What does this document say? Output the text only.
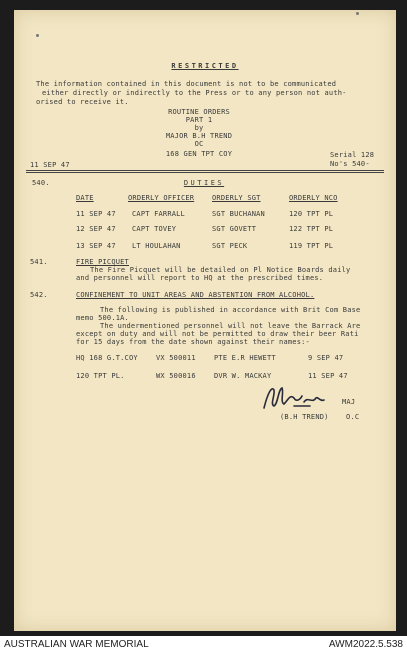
RESTRICTED
The information contained in this document is not to be communicated
either directly or indirectly to the Press or to any person not auth-
orised to receive it.
ROUTINE ORDERS
PART 1
by
MAJOR B.H TREND
OC
168 GEN TPT COY
11 SEP 47
Serial 128
No's 540-
540.	DUTIES
DATE	ORDERLY OFFICER	ORDERLY SGT	ORDERLY NCO
11 SEP 47 CAPT FARRALL	SGT BUCHANAN	120 TPT PL
12 SEP 47 CAPT TOVEY	SGT GOVETT	122 TPT PL
13 SEP 47 LT HOULAHAN	SGT PECK	119 TPT PL
541.	FIRE PICQUET
The Fire Picquet will be detailed on Pl Notice Boards daily
and personnel will report to HQ at the prescribed times.
542.	CONFINEMENT TO UNIT AREAS AND ABSTENTION FROM ALCOHOL.
The following is published in accordance with Brit Com Base
memo 500.1A.
The undermentioned personnel will not leave the Barrack Are
except on duty and will not be permitted to draw their beer Rati
for 15 days from the date shown against their names:-
HQ 168 G.T.COY	VX 500011	PTE E.R HEWETT	9 SEP 47
120 TPT PL.	WX 500016	DVR W. MACKAY	11 SEP 47
MAJ
(B.H TREND) O.C
AUSTRALIAN WAR MEMORIAL	AWM2022.5.538
